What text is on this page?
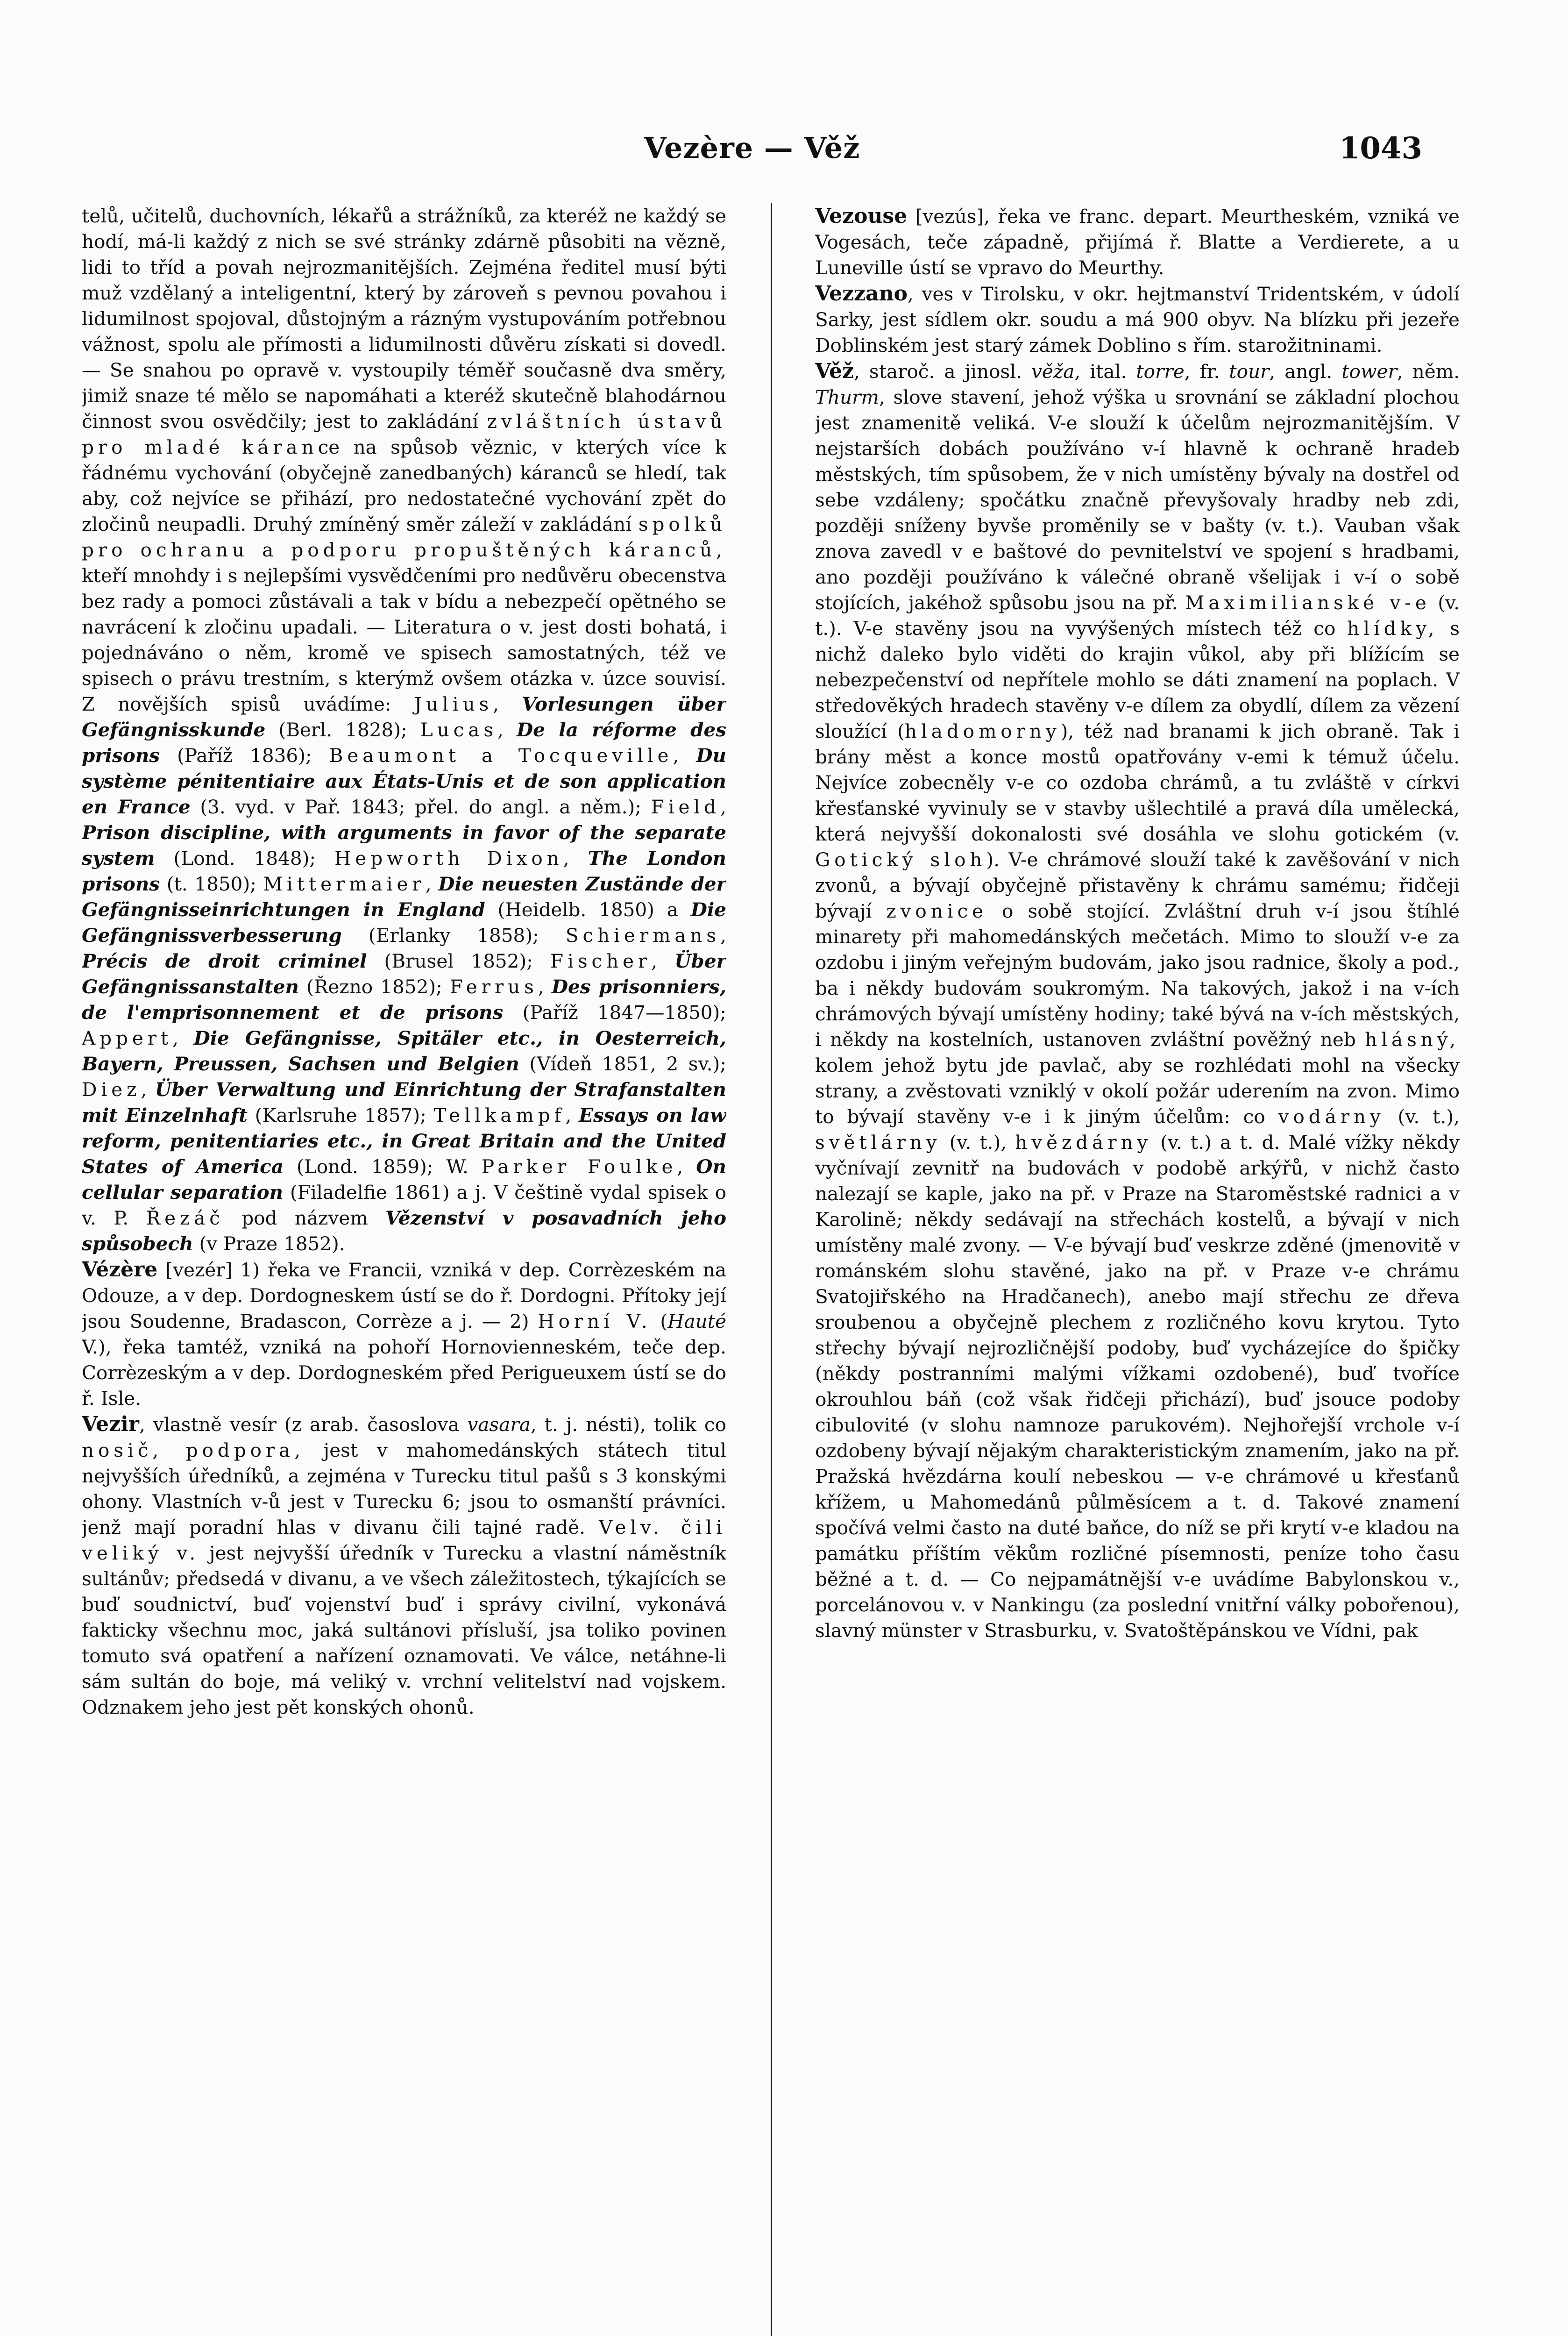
Vezère — Věž	1043

telů, učitelů, duchovních, lékařů a strážníků, za kteréž ne každý se hodí, má-li každý z nich se své stránky zdárně působiti na vězně, lidi to tříd a povah nejrozmanitějších. Zejména ředitel musí býti muž vzdělaný a inteligentní, který by zároveň s pevnou povahou i lidumilnost spojoval, důstojným a rázným vystupováním potřebnou vážnost, spolu ale přímosti a lidumilnosti důvěru získati si dovedl. — Se snahou po opravě v. vystoupily téměř současně dva směry, jimiž snaze té mělo se napomáhati a kteréž skutečně blahodárnou činnost svou osvědčily; jest to zakládání zvláštních ústavů pro mladé kárance na spůsob věznic, v kterých více k řádnému vychování (obyčejně zanedbaných) káranců se hledí, tak aby, což nejvíce se přihází, pro nedostatečné vychování zpět do zločinů neupadli. Druhý zmíněný směr záleží v zakládání spolků pro ochranu a podporu propuštěných káranců, kteří mnohdy i s nejlepšími vysvědčeními pro nedůvěru obecenstva bez rady a pomoci zůstávali a tak v bídu a nebezpečí opětného se navrácení k zločinu upadali. — Literatura o v. jest dosti bohatá, i pojednáváno o něm, kromě ve spisech samostatných, též ve spisech o právu trestním, s kterýmž ovšem otázka v. úzce souvisí. Z novějších spisů uvádíme: Julius, Vorlesungen über Gefängnisskunde (Berl. 1828); Lucas, De la réforme des prisons (Paříž 1836); Beaumont a Tocqueville, Du système pénitentiaire aux États-Unis et de son application en France (3. vyd. v Pař. 1843; přel. do angl. a něm.); Field, Prison discipline, with arguments in favor of the separate system (Lond. 1848); Hepworth Dixon, The London prisons (t. 1850); Mittermaier, Die neuesten Zustände der Gefängnisseinrichtungen in England (Heidelb. 1850) a Die Gefängnissverbesserung (Erlanky 1858); Schiermans, Précis de droit criminel (Brusel 1852); Fischer, Über Gefängnissanstalten (Řezno 1852); Ferrus, Des prisonniers, de l'emprisonnement et de prisons (Paříž 1847—1850); Appert, Die Gefängnisse, Spitäler etc., in Oesterreich, Bayern, Preussen, Sachsen und Belgien (Vídeň 1851, 2 sv.); Diez, Über Verwaltung und Einrichtung der Strafanstalten mit Einzelnhaft (Karlsruhe 1857); Tellkampf, Essays on law reform, penitentiaries etc., in Great Britain and the United States of America (Lond. 1859); W. Parker Foulke, On cellular separation (Filadelfie 1861) a j. V češtině vydal spisek o v. P. Řezáč pod názvem Vězenství v posavadních jeho spůsobech (v Praze 1852).

Vézère [vezér] 1) řeka ve Francii, vzniká v dep. Corrèzeském na Odouze, a v dep. Dordogneskem ústí se do ř. Dordogni. Přítoky její jsou Soudenne, Bradascon, Corrèze a j. — 2) Horní V. (Hauté V.), řeka tamtéž, vzniká na pohoří Hornovienneském, teče dep. Corrèzeským a v dep. Dordogneském před Perigueuxem ústí se do ř. Isle.

Vezir, vlastně vesír (z arab. časoslova vasara, t. j. nésti), tolik co nosič, podpora, jest v mahomedánských státech titul nejvyšších úředníků, a zejména v Turecku titul pašů s 3 konskými ohony. Vlastních v-ů jest v Turecku 6; jsou to osmanští právníci. jenž mají poradní hlas v divanu čili tajné radě. Velv. čili veliký v. jest nejvyšší úředník v Turecku a vlastní náměstník sultánův; předsedá v divanu, a ve všech záležitostech, týkajících se buď soudnictví, buď vojenství buď i správy civilní, vykonává fakticky všechnu moc, jaká sultánovi přísluší, jsa toliko povinen tomuto svá opatření a nařízení oznamovati. Ve válce, netáhne-li sám sultán do boje, má veliký v. vrchní velitelství nad vojskem. Odznakem jeho jest pět konských ohonů.

Vezouse [vezús], řeka ve franc. depart. Meurtheském, vzniká ve Vogesách, teče západně, přijímá ř. Blatte a Verdierete, a u Luneville ústí se vpravo do Meurthy.

Vezzano, ves v Tirolsku, v okr. hejtmanství Tridentském, v údolí Sarky, jest sídlem okr. soudu a má 900 obyv. Na blízku při jezeře Doblinském jest starý zámek Doblino s řím. starožitninami.

Věž, staroč. a jinosl. věža, ital. torre, fr. tour, angl. tower, něm. Thurm, slove stavení, jehož výška u srovnání se základní plochou jest znamenitě veliká. V-e slouží k účelům nejrozmanitějším. V nejstarších dobách používáno v-í hlavně k ochraně hradeb městských, tím spůsobem, že v nich umístěny bývaly na dostřel od sebe vzdáleny; spočátku značně převyšovaly hradby neb zdi, později sníženy byvše proměnily se v bašty (v. t.). Vauban však znova zavedl v e baštové do pevnitelství ve spojení s hradbami, ano později používáno k válečné obraně všelijak i v-í o sobě stojících, jakéhož spůsobu jsou na př. Maximilianské v-e (v. t.). V-e stavěny jsou na vyvýšených místech též co hlídky, s nichž daleko bylo viděti do krajin vůkol, aby při blížícím se nebezpečenství od nepřítele mohlo se dáti znamení na poplach. V středověkých hradech stavěny v-e dílem za obydlí, dílem za vězení sloužící (hladomorny), též nad branami k jich obraně. Tak i brány měst a konce mostů opatřovány v-emi k témuž účelu. Nejvíce zobecněly v-e co ozdoba chrámů, a tu zvláště v církvi křesťanské vyvinuly se v stavby ušlechtilé a pravá díla umělecká, která nejvyšší dokonalosti své dosáhla ve slohu gotickém (v. Gotický sloh). V-e chrámové slouží také k zavěšování v nich zvonů, a bývají obyčejně přistavěny k chrámu samému; řidčeji bývají zvonice o sobě stojící. Zvláštní druh v-í jsou štíhlé minarety při mahomedánských mečetách. Mimo to slouží v-e za ozdobu i jiným veřejným budovám, jako jsou radnice, školy a pod., ba i někdy budovám soukromým. Na takových, jakož i na v-ích chrámových bývají umístěny hodiny; také bývá na v-ích městských, i někdy na kostelních, ustanoven zvláštní pověžný neb hlásný, kolem jehož bytu jde pavlač, aby se rozhlédati mohl na všecky strany, a zvěstovati vzniklý v okolí požár uderením na zvon. Mimo to bývají stavěny v-e i k jiným účelům: co vodárny (v. t.), světlárny (v. t.), hvězdárny (v. t.) a t. d. Malé vížky někdy vyčnívají zevnitř na budovách v podobě arkýřů, v nichž často nalezají se kaple, jako na př. v Praze na Staroměstské radnici a v Karolině; někdy sedávají na střechách kostelů, a bývají v nich umístěny malé zvony. — V-e bývají buď veskrze zděné (jmenovitě v románském slohu stavěné, jako na př. v Praze v-e chrámu Svatojiřského na Hradčanech), anebo mají střechu ze dřeva sroubenou a obyčejně plechem z rozličného kovu krytou. Tyto střechy bývají nejrozličnější podoby, buď vycházejíce do špičky (někdy postranními malými vížkami ozdobené), buď tvoříce okrouhlou báň (což však řidčeji přichází), buď jsouce podoby cibulovité (v slohu namnoze parukovém). Nejhořejší vrchole v-í ozdobeny bývají nějakým charakteristickým znamením, jako na př. Pražská hvězdárna koulí nebeskou — v-e chrámové u křesťanů křížem, u Mahomedánů půlměsícem a t. d. Takové znamení spočívá velmi často na duté baňce, do níž se při krytí v-e kladou na památku příštím věkům rozličné písemnosti, peníze toho času běžné a t. d. — Co nejpamátnější v-e uvádíme Babylonskou v., porcelánovou v. v Nankingu (za poslední vnitřní války pobořenou), slavný münster v Strasburku, v. Svatoštěpánskou ve Vídni, pak
